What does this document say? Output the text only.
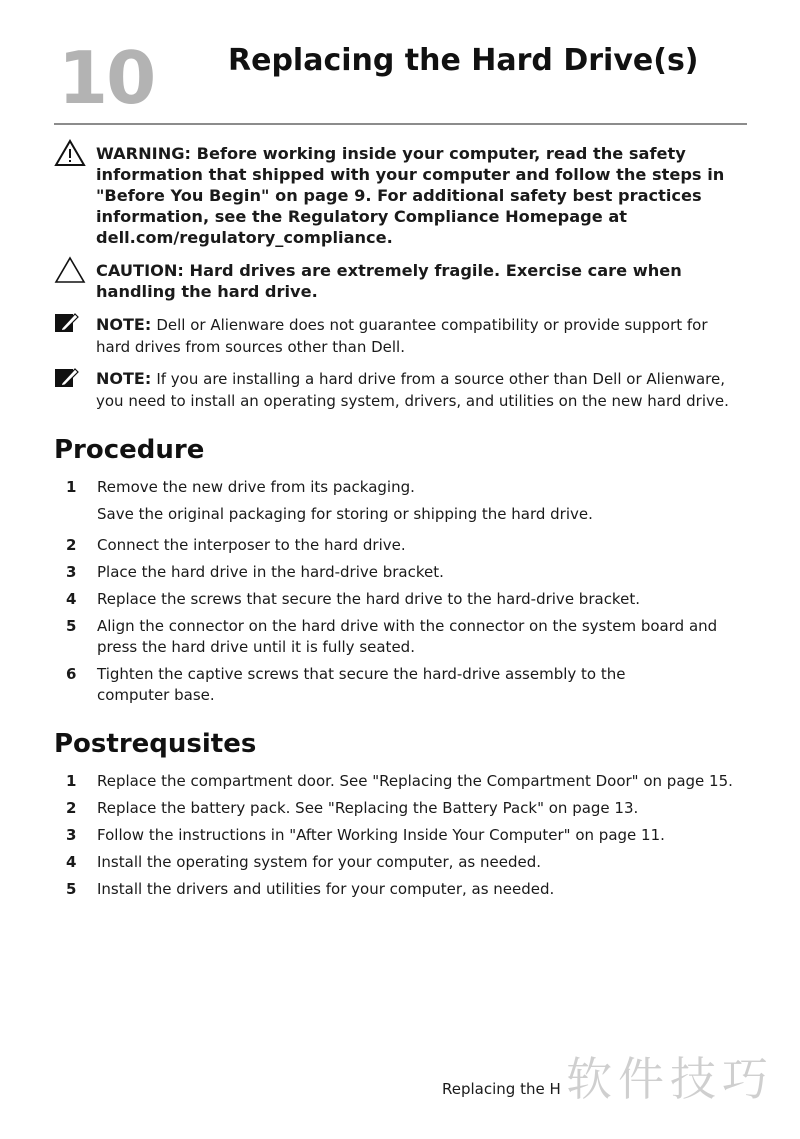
10 Replacing the Hard Drive(s)
WARNING: Before working inside your computer, read the safety information that shipped with your computer and follow the steps in "Before You Begin" on page 9. For additional safety best practices information, see the Regulatory Compliance Homepage at dell.com/regulatory_compliance.
CAUTION: Hard drives are extremely fragile. Exercise care when handling the hard drive.
NOTE: Dell or Alienware does not guarantee compatibility or provide support for hard drives from sources other than Dell.
NOTE: If you are installing a hard drive from a source other than Dell or Alienware, you need to install an operating system, drivers, and utilities on the new hard drive.
Procedure
1 Remove the new drive from its packaging.
Save the original packaging for storing or shipping the hard drive.
2 Connect the interposer to the hard drive.
3 Place the hard drive in the hard-drive bracket.
4 Replace the screws that secure the hard drive to the hard-drive bracket.
5 Align the connector on the hard drive with the connector on the system board and press the hard drive until it is fully seated.
6 Tighten the captive screws that secure the hard-drive assembly to the computer base.
Postrequsites
1 Replace the compartment door. See "Replacing the Compartment Door" on page 15.
2 Replace the battery pack. See "Replacing the Battery Pack" on page 13.
3 Follow the instructions in "After Working Inside Your Computer" on page 11.
4 Install the operating system for your computer, as needed.
5 Install the drivers and utilities for your computer, as needed.
Replacing the H 软件技巧
